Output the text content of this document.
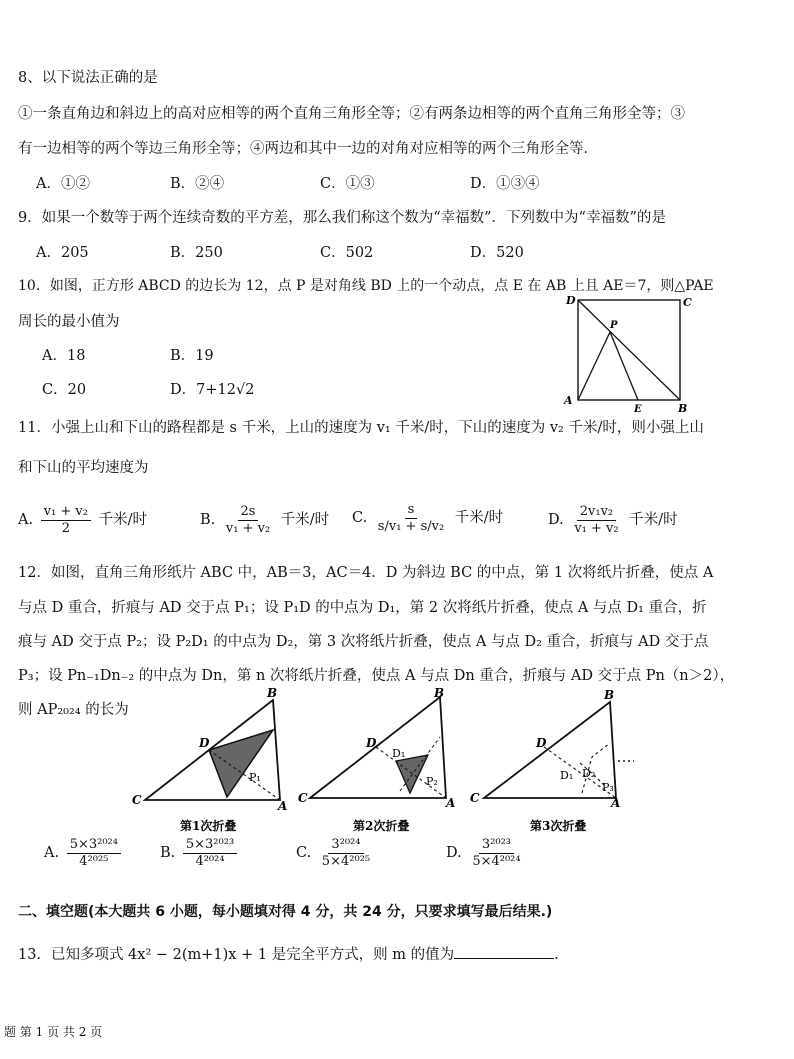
8、以下说法正确的是
①一条直角边和斜边上的高对应相等的两个直角三角形全等；②有两条边相等的两个直角三角形全等；③
有一边相等的两个等边三角形全等；④两边和其中一边的对角对应相等的两个三角形全等．
A．①②	B．②④	C．①③	D．①③④
9．如果一个数等于两个连续奇数的平方差，那么我们称这个数为“幸福数”．下列数中为“幸福数”的是
A．205	B．250	C．502	D．520
10．如图，正方形 ABCD 的边长为 12，点 P 是对角线 BD 上的一个动点，点 E 在 AB 上且 AE＝7，则△PAE
周长的最小值为
A．18	B．19
C．20	D．7+12√2
D	C
P
A
E	B
11．小强上山和下山的路程都是 s 千米，上山的速度为 v₁ 千米/时，下山的速度为 v₂ 千米/时，则小强上山
和下山的平均速度为
A. $\frac{\text{v₁ + v₂}}{2}$ 千米/时	B. $\frac{2s}{\text{v₁ + v₂}}$ 千米/时 C. $\frac{s}{\text{s/v₁ + s/v₂}}$ 千米/时	D. $\frac{\text{2v₁v₂}}{\text{v₁ + v₂}}$ 千米/时
12．如图，直角三角形纸片 ABC 中，AB＝3，AC＝4．D 为斜边 BC 的中点，第 1 次将纸片折叠，使点 A
与点 D 重合，折痕与 AD 交于点 P₁；设 P₁D 的中点为 D₁，第 2 次将纸片折叠，使点 A 与点 D₁ 重合，折
痕与 AD 交于点 P₂；设 P₂D₁ 的中点为 D₂，第 3 次将纸片折叠，使点 A 与点 D₂ 重合，折痕与 AD 交于点
P₃；设 Pn₋₁Dn₋₂ 的中点为 Dn，第 n 次将纸片折叠，使点 A 与点 Dn 重合，折痕与 AD 交于点 Pn（n＞2），
则 AP₂₀₂₄ 的长为
B
D
C	A
P₁
第1次折叠
B
D
D₁
C	A
P₂
第2次折叠
B
D
D₁ D₂
C	A
P₃
第3次折叠
A. $\frac{\text{5×3²⁰²⁴}}{\text{4²⁰²⁵}}$	B. $\frac{\text{5×3²⁰²³}}{\text{4²⁰²⁴}}$	C. $\frac{\text{3²⁰²⁴}}{\text{5×4²⁰²⁵}}$	D. $\frac{\text{3²⁰²³}}{\text{5×4²⁰²⁴}}$
二、填空题(本大题共 6 小题，每小题填对得 4 分，共 24 分，只要求填写最后结果.)
13．已知多项式 4x² − 2(m+1)x + 1 是完全平方式，则 m 的值为	.
题 第 1 页 共 2 页
